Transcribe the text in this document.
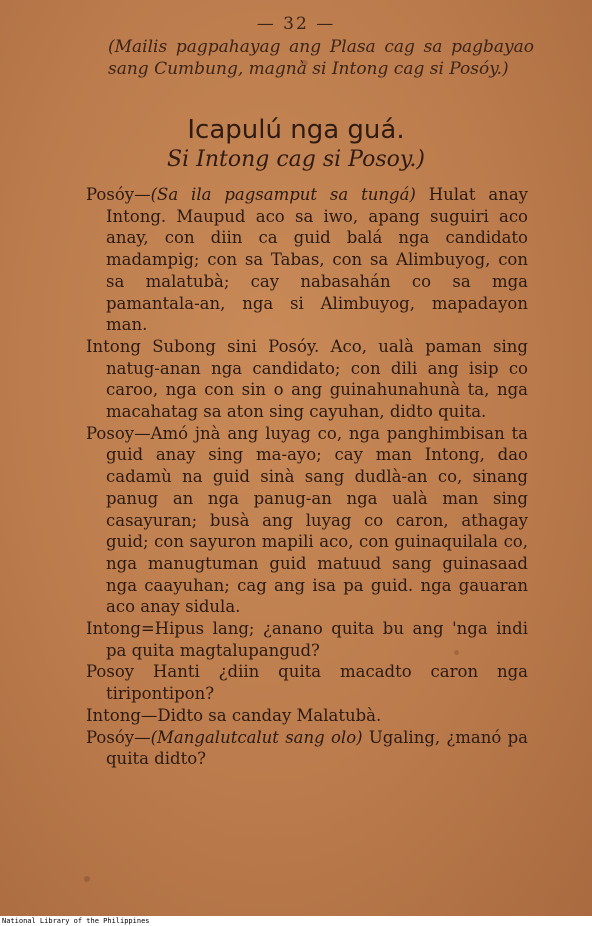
— 32 —
(Mailis pagpahayag ang Plasa cag sa pagbayao sang Cumbung, magnà si Intong cag si Posóy.)
Icapulú nga guá.
Si Intong cag si Posoy.)

Posóy—(Sa ila pagsamput sa tungá) Hulat anay Intong. Maupud aco sa iwo, apang suguiri aco anay, con diin ca guid balá nga candidato madampig; con sa Tabas, con sa Alimbuyog, con sa malatubà; cay nabasahán co sa mga pamantala-an, nga si Alimbuyog, mapadayon man.

Intong Subong sini Posóy. Aco, ualà paman sing natug-anan nga candidato; con dili ang isip co caroo, nga con sin o ang guinahunahunà ta, nga macahatag sa aton sing cayuhan, didto quita.

Posoy—Amó jnà ang luyag co, nga panghimbisan ta guid anay sing ma-ayo; cay man Intong, dao cadamù na guid sinà sang dudlà-an co, sinang panug an nga panug-an nga ualà man sing casayuran; busà ang luyag co caron, athagay guid; con sayuron mapili aco, con guinaquilala co, nga manugtuman guid matuud sang guinasaad nga caayuhan; cag ang isa pa guid. nga gauaran aco anay sidula.

Intong=Hipus lang; ¿anano quita bu ang 'nga indi pa quita magtalupangud?

Posoy Hanti ¿diin quita macadto caron nga tiripontipon?

Intong—Didto sa canday Malatubà.

Posóy—(Mangalutcalut sang olo) Ugaling, ¿manó pa quita didto?

National Library of the Philippines
